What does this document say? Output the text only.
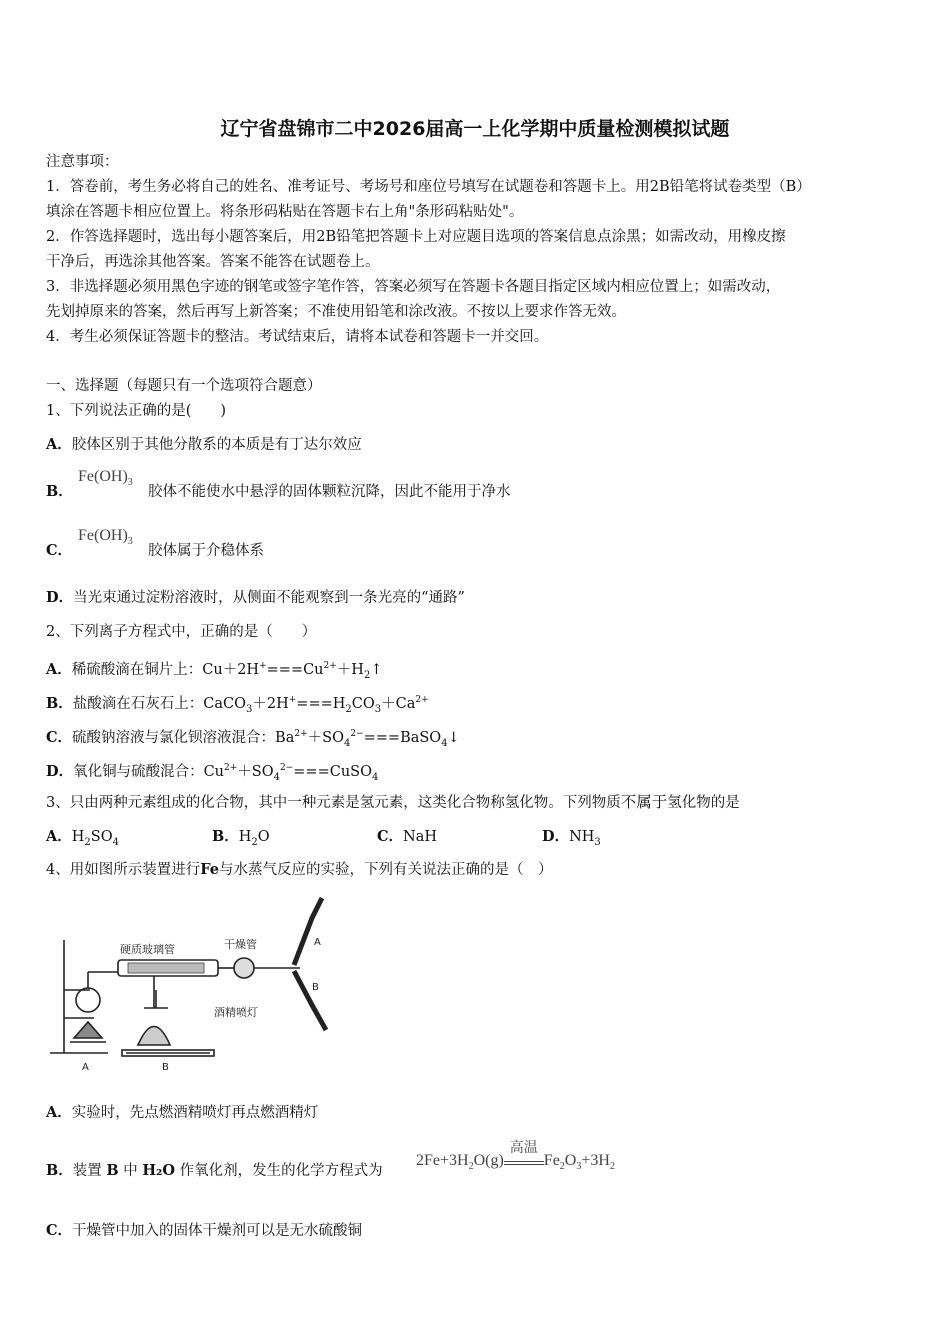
辽宁省盘锦市二中2026届高一上化学期中质量检测模拟试题
注意事项：
1．答卷前，考生务必将自己的姓名、准考证号、考场号和座位号填写在试题卷和答题卡上。用2B铅笔将试卷类型（B）
填涂在答题卡相应位置上。将条形码粘贴在答题卡右上角"条形码粘贴处"。
2．作答选择题时，选出每小题答案后，用2B铅笔把答题卡上对应题目选项的答案信息点涂黑；如需改动，用橡皮擦
干净后，再选涂其他答案。答案不能答在试题卷上。
3．非选择题必须用黑色字迹的钢笔或签字笔作答，答案必须写在答题卡各题目指定区域内相应位置上；如需改动，
先划掉原来的答案，然后再写上新答案；不准使用铅笔和涂改液。不按以上要求作答无效。
4．考生必须保证答题卡的整洁。考试结束后，请将本试卷和答题卡一并交回。
一、选择题（每题只有一个选项符合题意）
1、下列说法正确的是(　　)
A．胶体区别于其他分散系的本质是有丁达尔效应
B．
$Fe(OH)_3$
胶体不能使水中悬浮的固体颗粒沉降，因此不能用于净水
C．
$Fe(OH)_3$
胶体属于介稳体系
D．当光束通过淀粉溶液时，从侧面不能观察到一条光亮的“通路”
2、下列离子方程式中，正确的是（　　）
A．稀硫酸滴在铜片上：$Cu+2H^+===Cu^{2+}+H_2↑$
B．盐酸滴在石灰石上：$CaCO_3+2H^+===H_2CO_3+Ca^{2+}$
C．硫酸钠溶液与氯化钡溶液混合：$Ba^{2+}+SO_4^{2-}===BaSO_4↓$
D．氧化铜与硫酸混合：$Cu^{2+}+SO_4^{2-}===CuSO_4$
3、只由两种元素组成的化合物，其中一种元素是氢元素，这类化合物称氢化物。下列物质不属于氢化物的是
A．$H_2SO_4$	B．$H_2O$	C．NaH	D．$NH_3$
4、用如图所示装置进行Fe与水蒸气反应的实验，下列有关说法正确的是（　）
硬质玻璃管	干燥管
酒精喷灯
A	B
A
B
A．实验时，先点燃酒精喷灯再点燃酒精灯
B．装置 B 中 H₂O 作氧化剂，发生的化学方程式为
$2Fe+3H_2O(g)$
高温
$Fe_2O_3+3H_2$
C．干燥管中加入的固体干燥剂可以是无水硫酸铜
